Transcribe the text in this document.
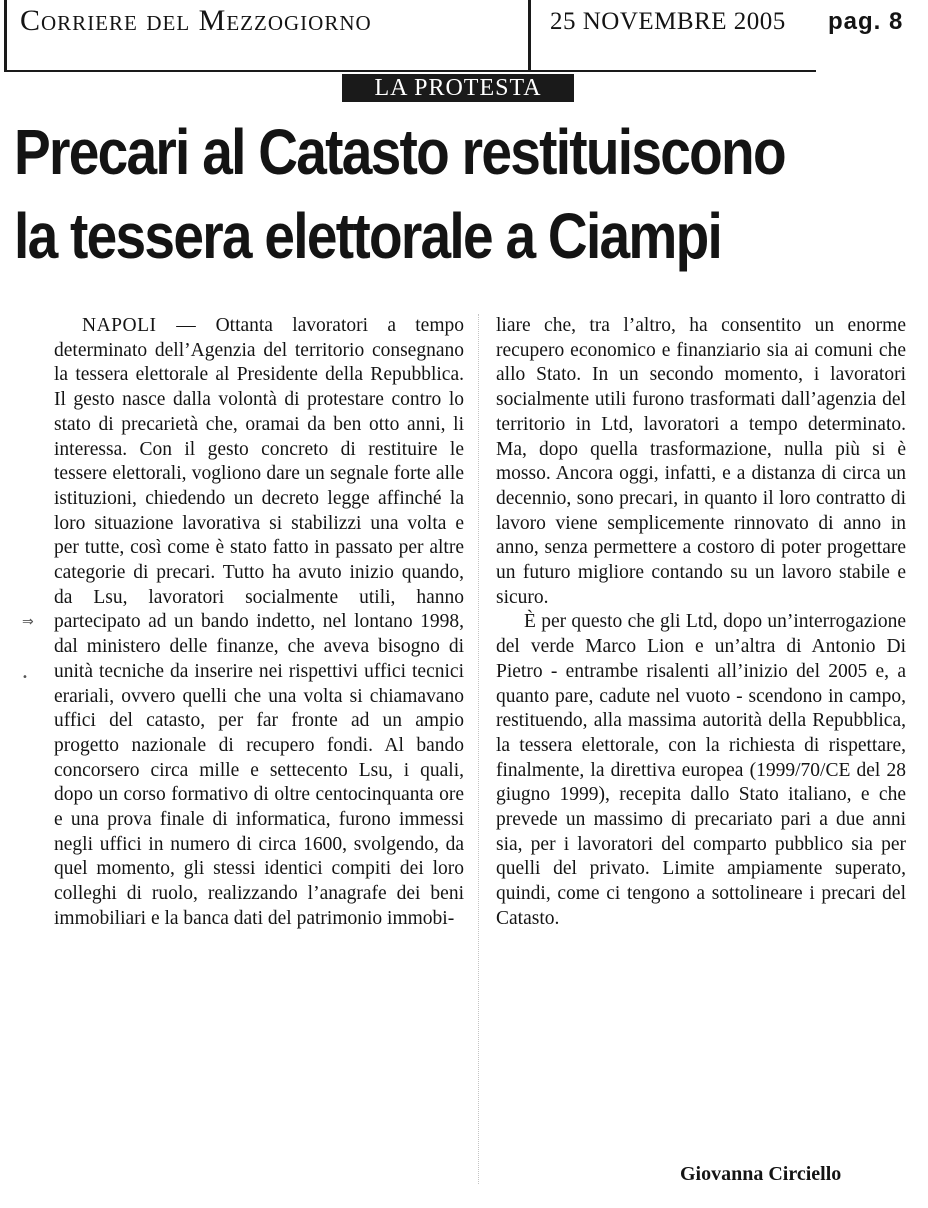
Corriere del Mezzogiorno	25 NOVEMBRE 2005 pag. 8
LA PROTESTA
Precari al Catasto restituiscono
la tessera elettorale a Ciampi

NAPOLI — Ottanta lavoratori a tempo determinato dell’Agenzia del territorio consegnano la tessera elettorale al Presidente della Repubblica. Il gesto nasce dalla volontà di protestare contro lo stato di precarietà che, oramai da ben otto anni, li interessa. Con il gesto concreto di restituire le tessere elettorali, vogliono dare un segnale forte alle istituzioni, chiedendo un decreto legge affinché la loro situazione lavorativa si stabilizzi una volta e per tutte, così come è stato fatto in passato per altre categorie di precari. Tutto ha avuto inizio quando, da Lsu, lavoratori socialmente utili, hanno partecipato ad un bando indetto, nel lontano 1998, dal ministero delle finanze, che aveva bisogno di unità tecniche da inserire nei rispettivi uffici tecnici erariali, ovvero quelli che una volta si chiamavano uffici del catasto, per far fronte ad un ampio progetto nazionale di recupero fondi. Al bando concorsero circa mille e settecento Lsu, i quali, dopo un corso formativo di oltre centocinquanta ore e una prova finale di informatica, furono immessi negli uffici in numero di circa 1600, svolgendo, da quel momento, gli stessi identici compiti dei loro colleghi di ruolo, realizzando l’anagrafe dei beni immobiliari e la banca dati del patrimonio immobi-

liare che, tra l’altro, ha consentito un enorme recupero economico e finanziario sia ai comuni che allo Stato. In un secondo momento, i lavoratori socialmente utili furono trasformati dall’agenzia del territorio in Ltd, lavoratori a tempo determinato. Ma, dopo quella trasformazione, nulla più si è mosso. Ancora oggi, infatti, e a distanza di circa un decennio, sono precari, in quanto il loro contratto di lavoro viene semplicemente rinnovato di anno in anno, senza permettere a costoro di poter progettare un futuro migliore contando su un lavoro stabile e sicuro.

È per questo che gli Ltd, dopo un’interrogazione del verde Marco Lion e un’altra di Antonio Di Pietro - entrambe risalenti all’inizio del 2005 e, a quanto pare, cadute nel vuoto - scendono in campo, restituendo, alla massima autorità della Repubblica, la tessera elettorale, con la richiesta di rispettare, finalmente, la direttiva europea (1999/70/CE del 28 giugno 1999), recepita dallo Stato italiano, e che prevede un massimo di precariato pari a due anni sia, per i lavoratori del comparto pubblico sia per quelli del privato. Limite ampiamente superato, quindi, come ci tengono a sottolineare i precari del Catasto.

Giovanna Circiello
⇒
•
